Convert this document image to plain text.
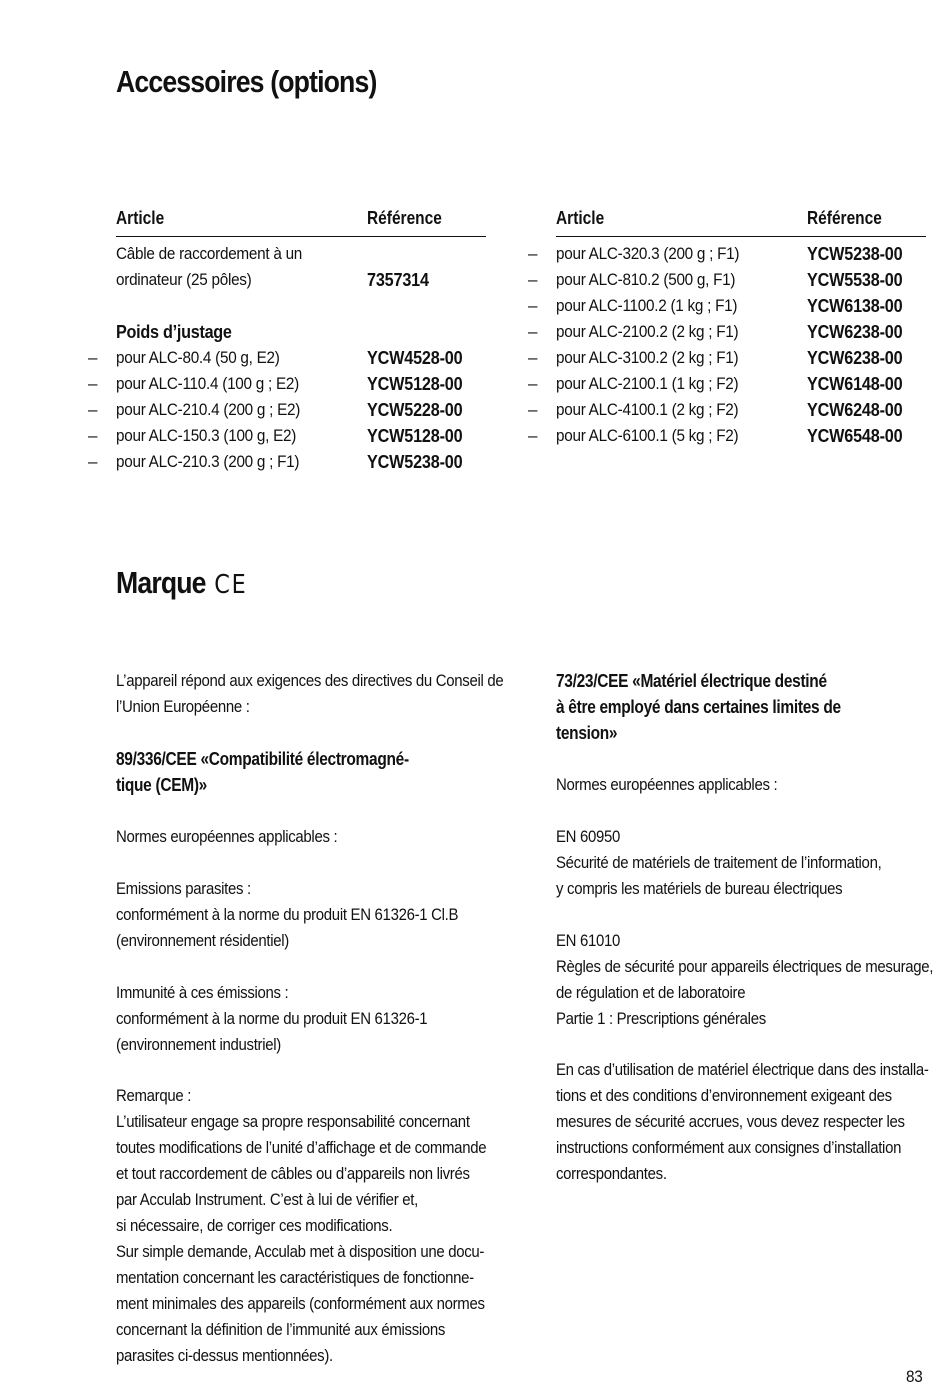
Accessoires (options)
Article	Référence	Article	Référence
Câble de raccordement à un
ordinateur (25 pôles)	7357314
Poids d’justage
– pour ALC-80.4 (50 g, E2)	YCW4528-00
– pour ALC-110.4 (100 g ; E2)	YCW5128-00
– pour ALC-210.4 (200 g ; E2)	YCW5228-00
– pour ALC-150.3 (100 g, E2)	YCW5128-00
– pour ALC-210.3 (200 g ; F1)	YCW5238-00
– pour ALC-320.3 (200 g ; F1)	YCW5238-00
– pour ALC-810.2 (500 g, F1)	YCW5538-00
– pour ALC-1100.2 (1 kg ; F1)	YCW6138-00
– pour ALC-2100.2 (2 kg ; F1)	YCW6238-00
– pour ALC-3100.2 (2 kg ; F1)	YCW6238-00
– pour ALC-2100.1 (1 kg ; F2)	YCW6148-00
– pour ALC-4100.1 (2 kg ; F2)	YCW6248-00
– pour ALC-6100.1 (5 kg ; F2)	YCW6548-00
Marque CE
L’appareil répond aux exigences des directives du Conseil de
l’Union Européenne :
89/336/CEE «Compatibilité électromagné-
tique (CEM)»
Normes européennes applicables :
Emissions parasites :
conformément à la norme du produit EN 61326-1 Cl.B
(environnement résidentiel)
Immunité à ces émissions :
conformément à la norme du produit EN 61326-1
(environnement industriel)
Remarque :
L’utilisateur engage sa propre responsabilité concernant
toutes modifications de l’unité d’affichage et de commande
et tout raccordement de câbles ou d’appareils non livrés
par Acculab Instrument. C’est à lui de vérifier et,
si nécessaire, de corriger ces modifications.
Sur simple demande, Acculab met à disposition une docu-
mentation concernant les caractéristiques de fonctionne-
ment minimales des appareils (conformément aux normes
concernant la définition de l’immunité aux émissions
parasites ci-dessus mentionnées).
73/23/CEE «Matériel électrique destiné
à être employé dans certaines limites de
tension»
Normes européennes applicables :
EN 60950
Sécurité de matériels de traitement de l’information,
y compris les matériels de bureau électriques
EN 61010
Règles de sécurité pour appareils électriques de mesurage,
de régulation et de laboratoire
Partie 1 : Prescriptions générales
En cas d’utilisation de matériel électrique dans des installa-
tions et des conditions d’environnement exigeant des
mesures de sécurité accrues, vous devez respecter les
instructions conformément aux consignes d’installation
correspondantes.
83
